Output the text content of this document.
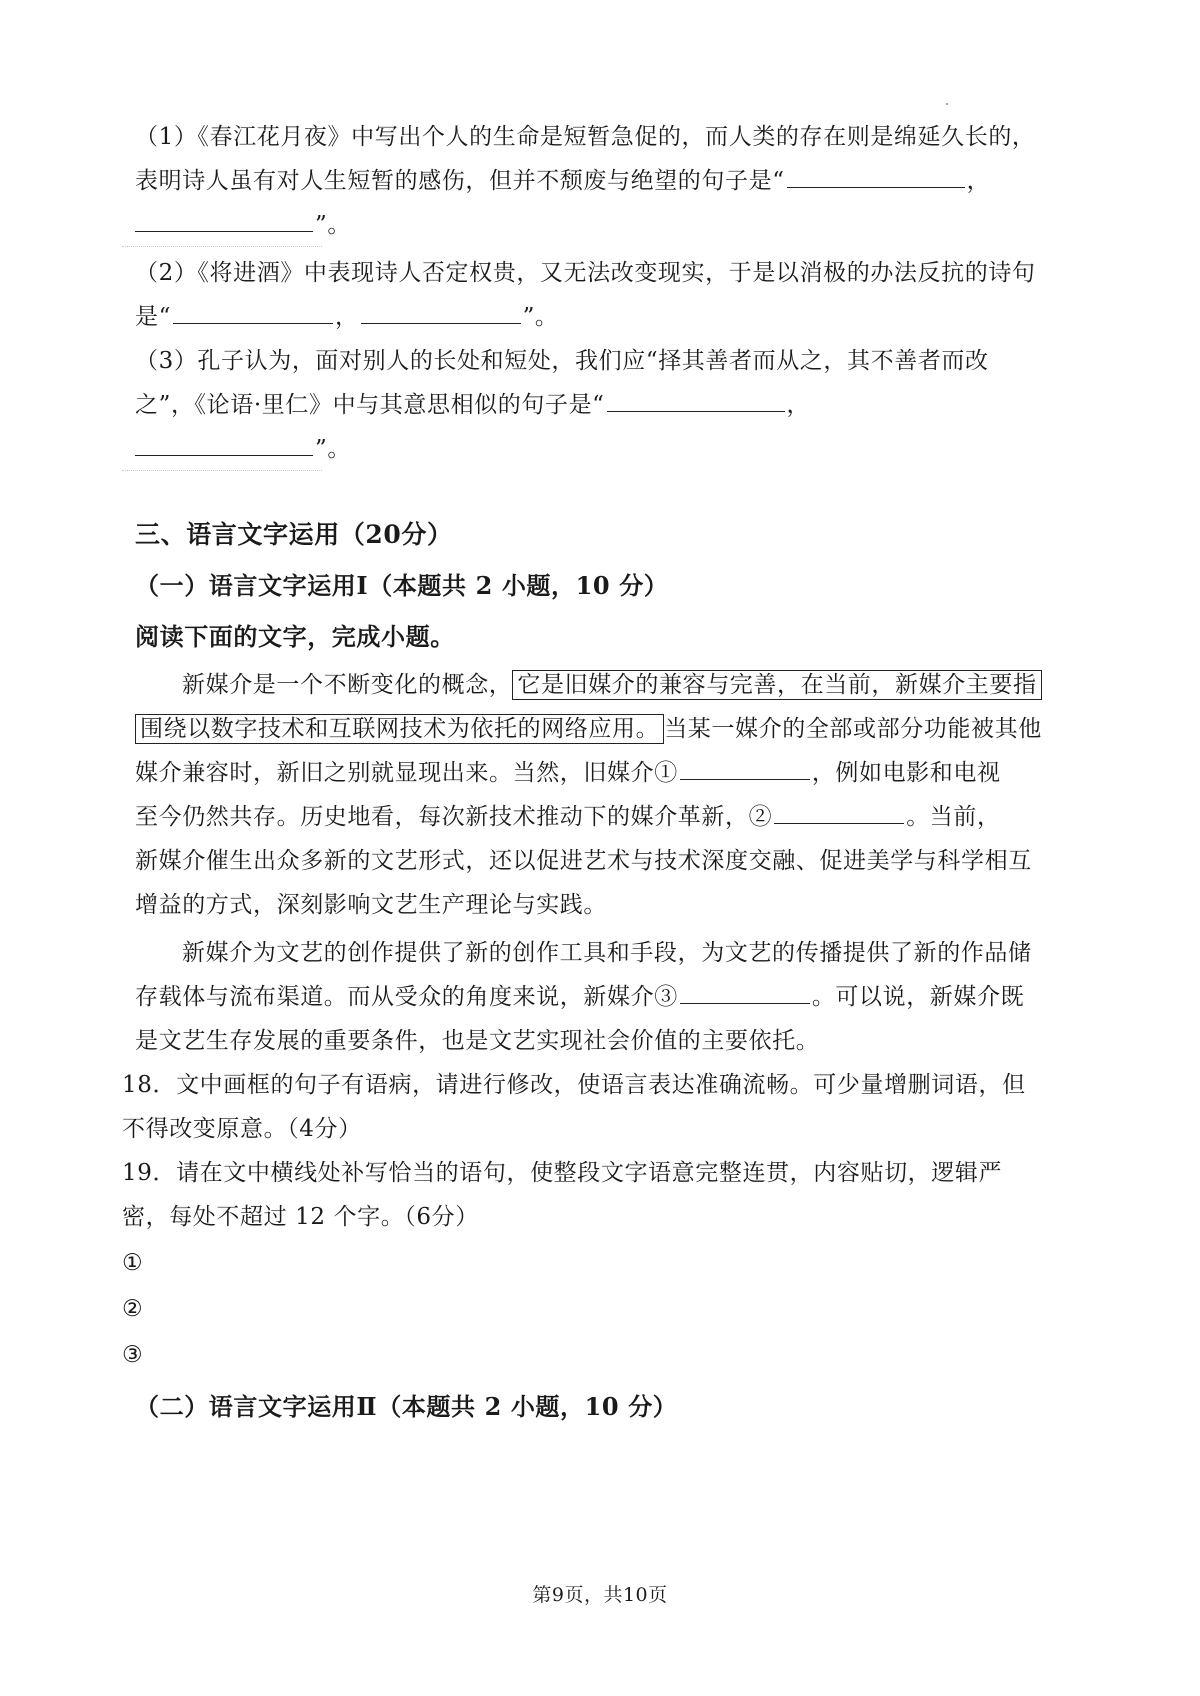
（1）《春江花月夜》中写出个人的生命是短暂急促的，而人类的存在则是绵延久长的，
表明诗人虽有对人生短暂的感伤，但并不颓废与绝望的句子是“	，
”。
（2）《将进酒》中表现诗人否定权贵，又无法改变现实，于是以消极的办法反抗的诗句
是“	，	”。
（3）孔子认为，面对别人的长处和短处，我们应“择其善者而从之，其不善者而改
之”，《论语·里仁》中与其意思相似的句子是“	，
”。
三、语言文字运用（20分）
（一）语言文字运用Ⅰ（本题共 2 小题，10 分）
阅读下面的文字，完成小题。
新媒介是一个不断变化的概念， 它是旧媒介的兼容与完善，在当前，新媒介主要指
围绕以数字技术和互联网技术为依托的网络应用。 当某一媒介的全部或部分功能被其他
媒介兼容时，新旧之别就显现出来。当然，旧媒介①	，例如电影和电视
至今仍然共存。历史地看，每次新技术推动下的媒介革新，②	。当前，
新媒介催生出众多新的文艺形式，还以促进艺术与技术深度交融、促进美学与科学相互
增益的方式，深刻影响文艺生产理论与实践。
新媒介为文艺的创作提供了新的创作工具和手段，为文艺的传播提供了新的作品储
存载体与流布渠道。而从受众的角度来说，新媒介③	。可以说，新媒介既
是文艺生存发展的重要条件，也是文艺实现社会价值的主要依托。
18．文中画框的句子有语病，请进行修改，使语言表达准确流畅。可少量增删词语，但
不得改变原意。（4分）
19．请在文中横线处补写恰当的语句，使整段文字语意完整连贯，内容贴切，逻辑严
密，每处不超过 12 个字。（6分）
①
②
③
（二）语言文字运用Ⅱ（本题共 2 小题，10 分）
第9页，共10页
